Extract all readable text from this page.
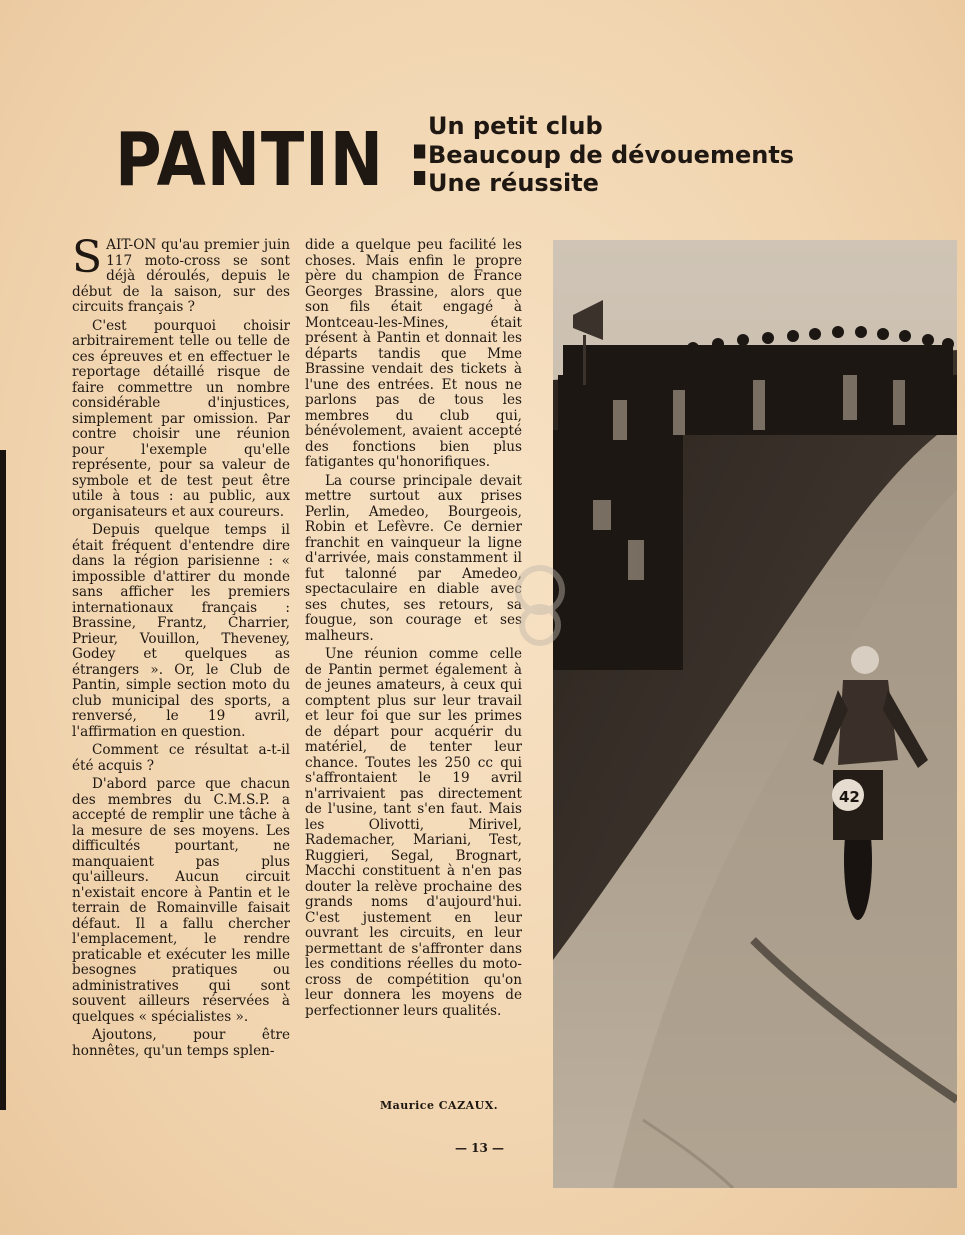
PANTIN :
Un petit club
Beaucoup de dévouements
Une réussite

SAIT-ON qu'au premier juin 117 moto-cross se sont déjà déroulés, depuis le début de la saison, sur des circuits français ?

C'est pourquoi choisir arbitrairement telle ou telle de ces épreuves et en effectuer le reportage détaillé risque de faire commettre un nombre considérable d'injustices, simplement par omission. Par contre choisir une réunion pour l'exemple qu'elle représente, pour sa valeur de symbole et de test peut être utile à tous : au public, aux organisateurs et aux coureurs.

Depuis quelque temps il était fréquent d'entendre dire dans la région parisienne : « impossible d'attirer du monde sans afficher les premiers internationaux français : Brassine, Frantz, Charrier, Prieur, Vouillon, Theveney, Godey et quelques as étrangers ». Or, le Club de Pantin, simple section moto du club municipal des sports, a renversé, le 19 avril, l'affirmation en question.

Comment ce résultat a-t-il été acquis ?

D'abord parce que chacun des membres du C.M.S.P. a accepté de remplir une tâche à la mesure de ses moyens. Les difficultés pourtant, ne manquaient pas plus qu'ailleurs. Aucun circuit n'existait encore à Pantin et le terrain de Romainville faisait défaut. Il a fallu chercher l'emplacement, le rendre praticable et exécuter les mille besognes pratiques ou administratives qui sont souvent ailleurs réservées à quelques « spécialistes ».

Ajoutons, pour être honnêtes, qu'un temps splen-

dide a quelque peu facilité les choses. Mais enfin le propre père du champion de France Georges Brassine, alors que son fils était engagé à Montceau-les-Mines, était présent à Pantin et donnait les départs tandis que Mme Brassine vendait des tickets à l'une des entrées. Et nous ne parlons pas de tous les membres du club qui, bénévolement, avaient accepté des fonctions bien plus fatigantes qu'honorifiques.

La course principale devait mettre surtout aux prises Perlin, Amedeo, Bourgeois, Robin et Lefèvre. Ce dernier franchit en vainqueur la ligne d'arrivée, mais constamment il fut talonné par Amedeo, spectaculaire en diable avec ses chutes, ses retours, sa fougue, son courage et ses malheurs.

Une réunion comme celle de Pantin permet également à de jeunes amateurs, à ceux qui comptent plus sur leur travail et leur foi que sur les primes de départ pour acquérir du matériel, de tenter leur chance. Toutes les 250 cc qui s'affrontaient le 19 avril n'arrivaient pas directement de l'usine, tant s'en faut. Mais les Olivotti, Mirivel, Rademacher, Mariani, Test, Ruggieri, Segal, Brognart, Macchi constituent à n'en pas douter la relève prochaine des grands noms d'aujourd'hui. C'est justement en leur ouvrant les circuits, en leur permettant de s'affronter dans les conditions réelles du moto-cross de compétition qu'on leur donnera les moyens de perfectionner leurs qualités.

Maurice CAZAUX.
— 13 —
42
